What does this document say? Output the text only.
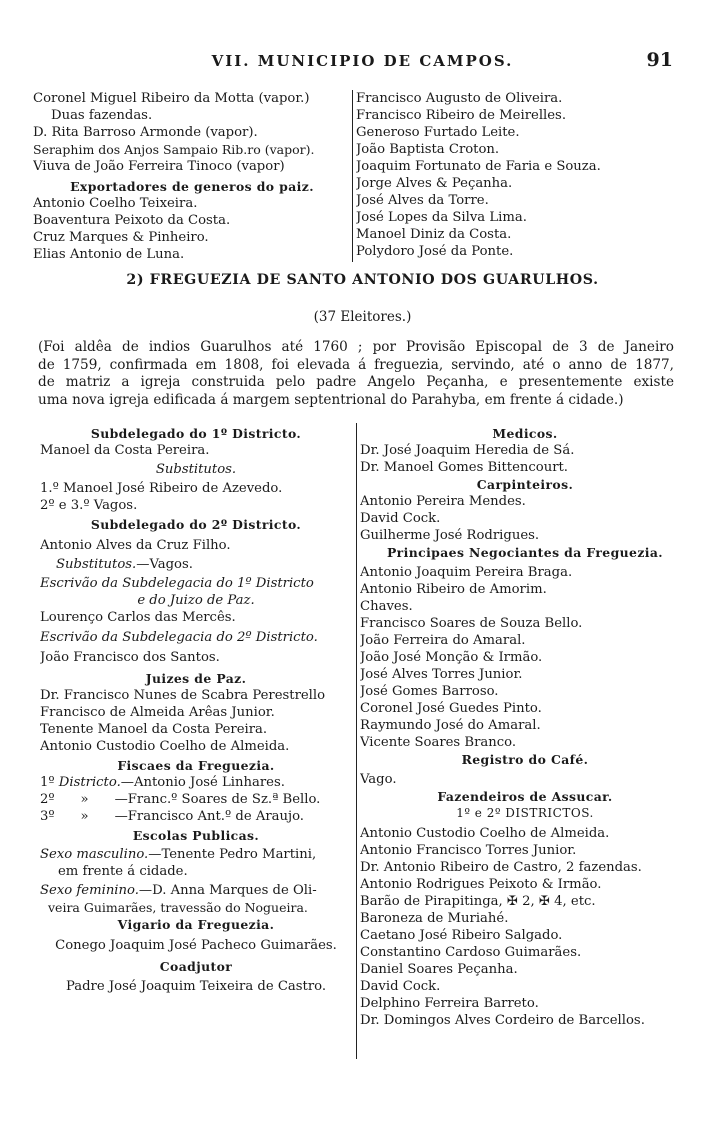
VII. MUNICIPIO DE CAMPOS.	91
Coronel Miguel Ribeiro da Motta (vapor.)
Duas fazendas.
D. Rita Barroso Armonde (vapor).
Seraphim dos Anjos Sampaio Rib.ro (vapor).
Viuva de João Ferreira Tinoco (vapor)
Exportadores de generos do paiz.
Antonio Coelho Teixeira.
Boaventura Peixoto da Costa.
Cruz Marques & Pinheiro.
Elias Antonio de Luna.
Francisco Augusto de Oliveira.
Francisco Ribeiro de Meirelles.
Generoso Furtado Leite.
João Baptista Croton.
Joaquim Fortunato de Faria e Souza.
Jorge Alves & Peçanha.
José Alves da Torre.
José Lopes da Silva Lima.
Manoel Diniz da Costa.
Polydoro José da Ponte.
2) FREGUEZIA DE SANTO ANTONIO DOS GUARULHOS.
(37 Eleitores.)
(Foi aldêa de indios Guarulhos até 1760 ; por Provisão Episcopal de 3 de Janeiro
de 1759, confirmada em 1808, foi elevada á freguezia, servindo, até o anno de 1877,
de matriz a igreja construida pelo padre Angelo Peçanha, e presentemente existe
uma nova igreja edificada á margem septentrional do Parahyba, em frente á cidade.)
Subdelegado do 1º Districto.
Manoel da Costa Pereira.
Substitutos.
1.º Manoel José Ribeiro de Azevedo.
2º e 3.º Vagos.
Subdelegado do 2º Districto.
Antonio Alves da Cruz Filho.
Substitutos.—Vagos.
Escrivão da Subdelegacia do 1º Districto
e do Juizo de Paz.
Lourenço Carlos das Mercês.
Escrivão da Subdelegacia do 2º Districto.
João Francisco dos Santos.
Juizes de Paz.
Dr. Francisco Nunes de Scabra Perestrello
Francisco de Almeida Arêas Junior.
Tenente Manoel da Costa Pereira.
Antonio Custodio Coelho de Almeida.
Fiscaes da Freguezia.
1º Districto.—Antonio José Linhares.
2º » —Franc.º Soares de Sz.ª Bello.
3º » —Francisco Ant.º de Araujo.
Escolas Publicas.
Sexo masculino.—Tenente Pedro Martini,
em frente á cidade.
Sexo feminino.—D. Anna Marques de Oli-
veira Guimarães, travessão do Nogueira.
Vigario da Freguezia.
Conego Joaquim José Pacheco Guimarães.
Coadjutor
Padre José Joaquim Teixeira de Castro.
Medicos.
Dr. José Joaquim Heredia de Sá.
Dr. Manoel Gomes Bittencourt.
Carpinteiros.
Antonio Pereira Mendes.
David Cock.
Guilherme José Rodrigues.
Principaes Negociantes da Freguezia.
Antonio Joaquim Pereira Braga.
Antonio Ribeiro de Amorim.
Chaves.
Francisco Soares de Souza Bello.
João Ferreira do Amaral.
João José Monção & Irmão.
José Alves Torres Junior.
José Gomes Barroso.
Coronel José Guedes Pinto.
Raymundo José do Amaral.
Vicente Soares Branco.
Registro do Café.
Vago.
Fazendeiros de Assucar.
1º e 2º DISTRICTOS.
Antonio Custodio Coelho de Almeida.
Antonio Francisco Torres Junior.
Dr. Antonio Ribeiro de Castro, 2 fazendas.
Antonio Rodrigues Peixoto & Irmão.
Barão de Pirapitinga, ✠ 2, ✠ 4, etc.
Baroneza de Muriahé.
Caetano José Ribeiro Salgado.
Constantino Cardoso Guimarães.
Daniel Soares Peçanha.
David Cock.
Delphino Ferreira Barreto.
Dr. Domingos Alves Cordeiro de Barcellos.
